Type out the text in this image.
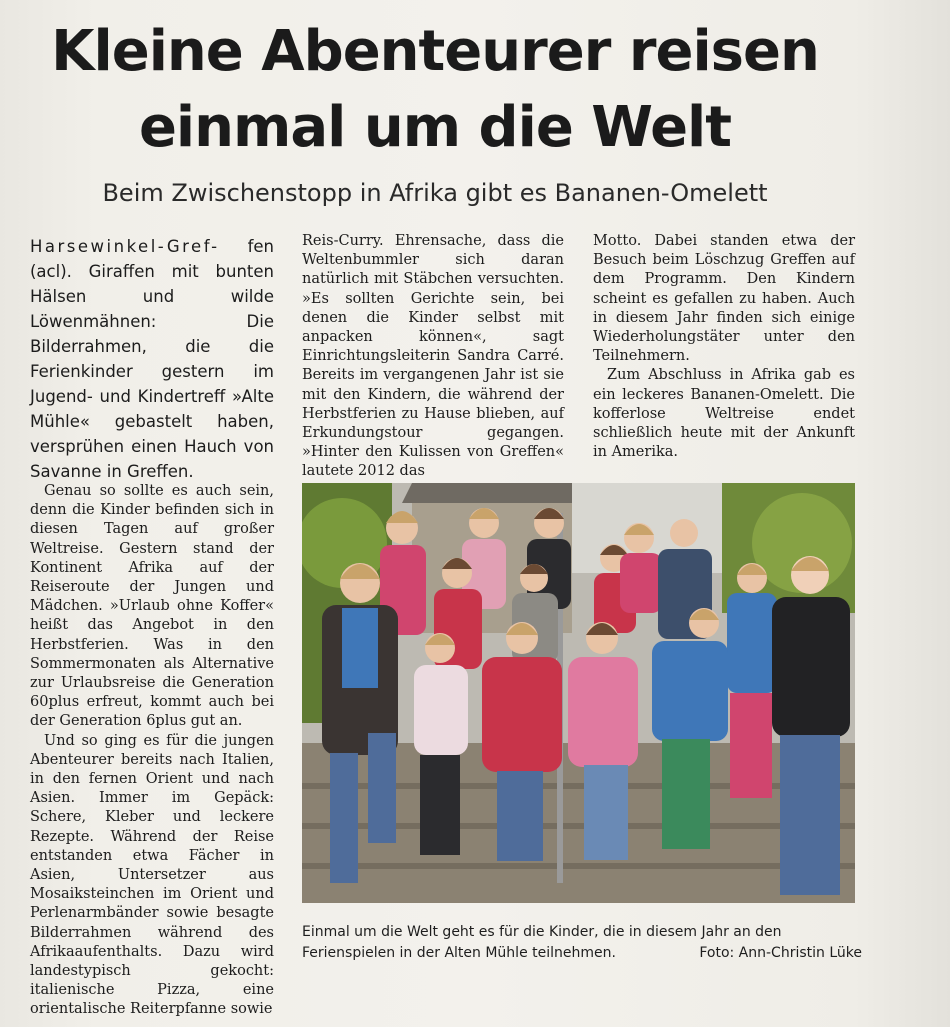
Kleine Abenteurer reisen
einmal um die Welt

Beim Zwischenstopp in Afrika gibt es Bananen-Omelett

Harsewinkel-Gref- fen (acl). Giraffen mit bunten Hälsen und wilde Löwenmähnen: Die Bilderrahmen, die die Ferienkinder gestern im Jugend- und Kindertreff »Alte Mühle« gebastelt haben, versprühen einen Hauch von Savanne in Greffen.

Genau so sollte es auch sein, denn die Kinder befinden sich in diesen Tagen auf großer Weltreise. Gestern stand der Kontinent Afrika auf der Reiseroute der Jungen und Mädchen. »Urlaub ohne Koffer« heißt das Angebot in den Herbstferien. Was in den Sommermonaten als Alternative zur Urlaubsreise die Generation 60plus erfreut, kommt auch bei der Generation 6plus gut an.

Und so ging es für die jungen Abenteurer bereits nach Italien, in den fernen Orient und nach Asien. Immer im Gepäck: Schere, Kleber und leckere Rezepte. Während der Reise entstanden etwa Fächer in Asien, Untersetzer aus Mosaiksteinchen im Orient und Perlenarmbänder sowie besagte Bilderrahmen während des Afrikaaufenthalts. Dazu wird landestypisch gekocht: italienische Pizza, eine orientalische Reiterpfanne sowie

Reis-Curry. Ehrensache, dass die Weltenbummler sich daran natürlich mit Stäbchen versuchten. »Es sollten Gerichte sein, bei denen die Kinder selbst mit anpacken können«, sagt Einrichtungsleiterin Sandra Carré. Bereits im vergangenen Jahr ist sie mit den Kindern, die während der Herbstferien zu Hause blieben, auf Erkundungstour gegangen. »Hinter den Kulissen von Greffen« lautete 2012 das

Motto. Dabei standen etwa der Besuch beim Löschzug Greffen auf dem Programm. Den Kindern scheint es gefallen zu haben. Auch in diesem Jahr finden sich einige Wiederholungstäter unter den Teilnehmern.

Zum Abschluss in Afrika gab es ein leckeres Bananen-Omelett. Die kofferlose Weltreise endet schließlich heute mit der Ankunft in Amerika.

Einmal um die Welt geht es für die Kinder, die in diesem Jahr an den Ferienspielen in der Alten Mühle teilnehmen.	Foto: Ann-Christin Lüke
